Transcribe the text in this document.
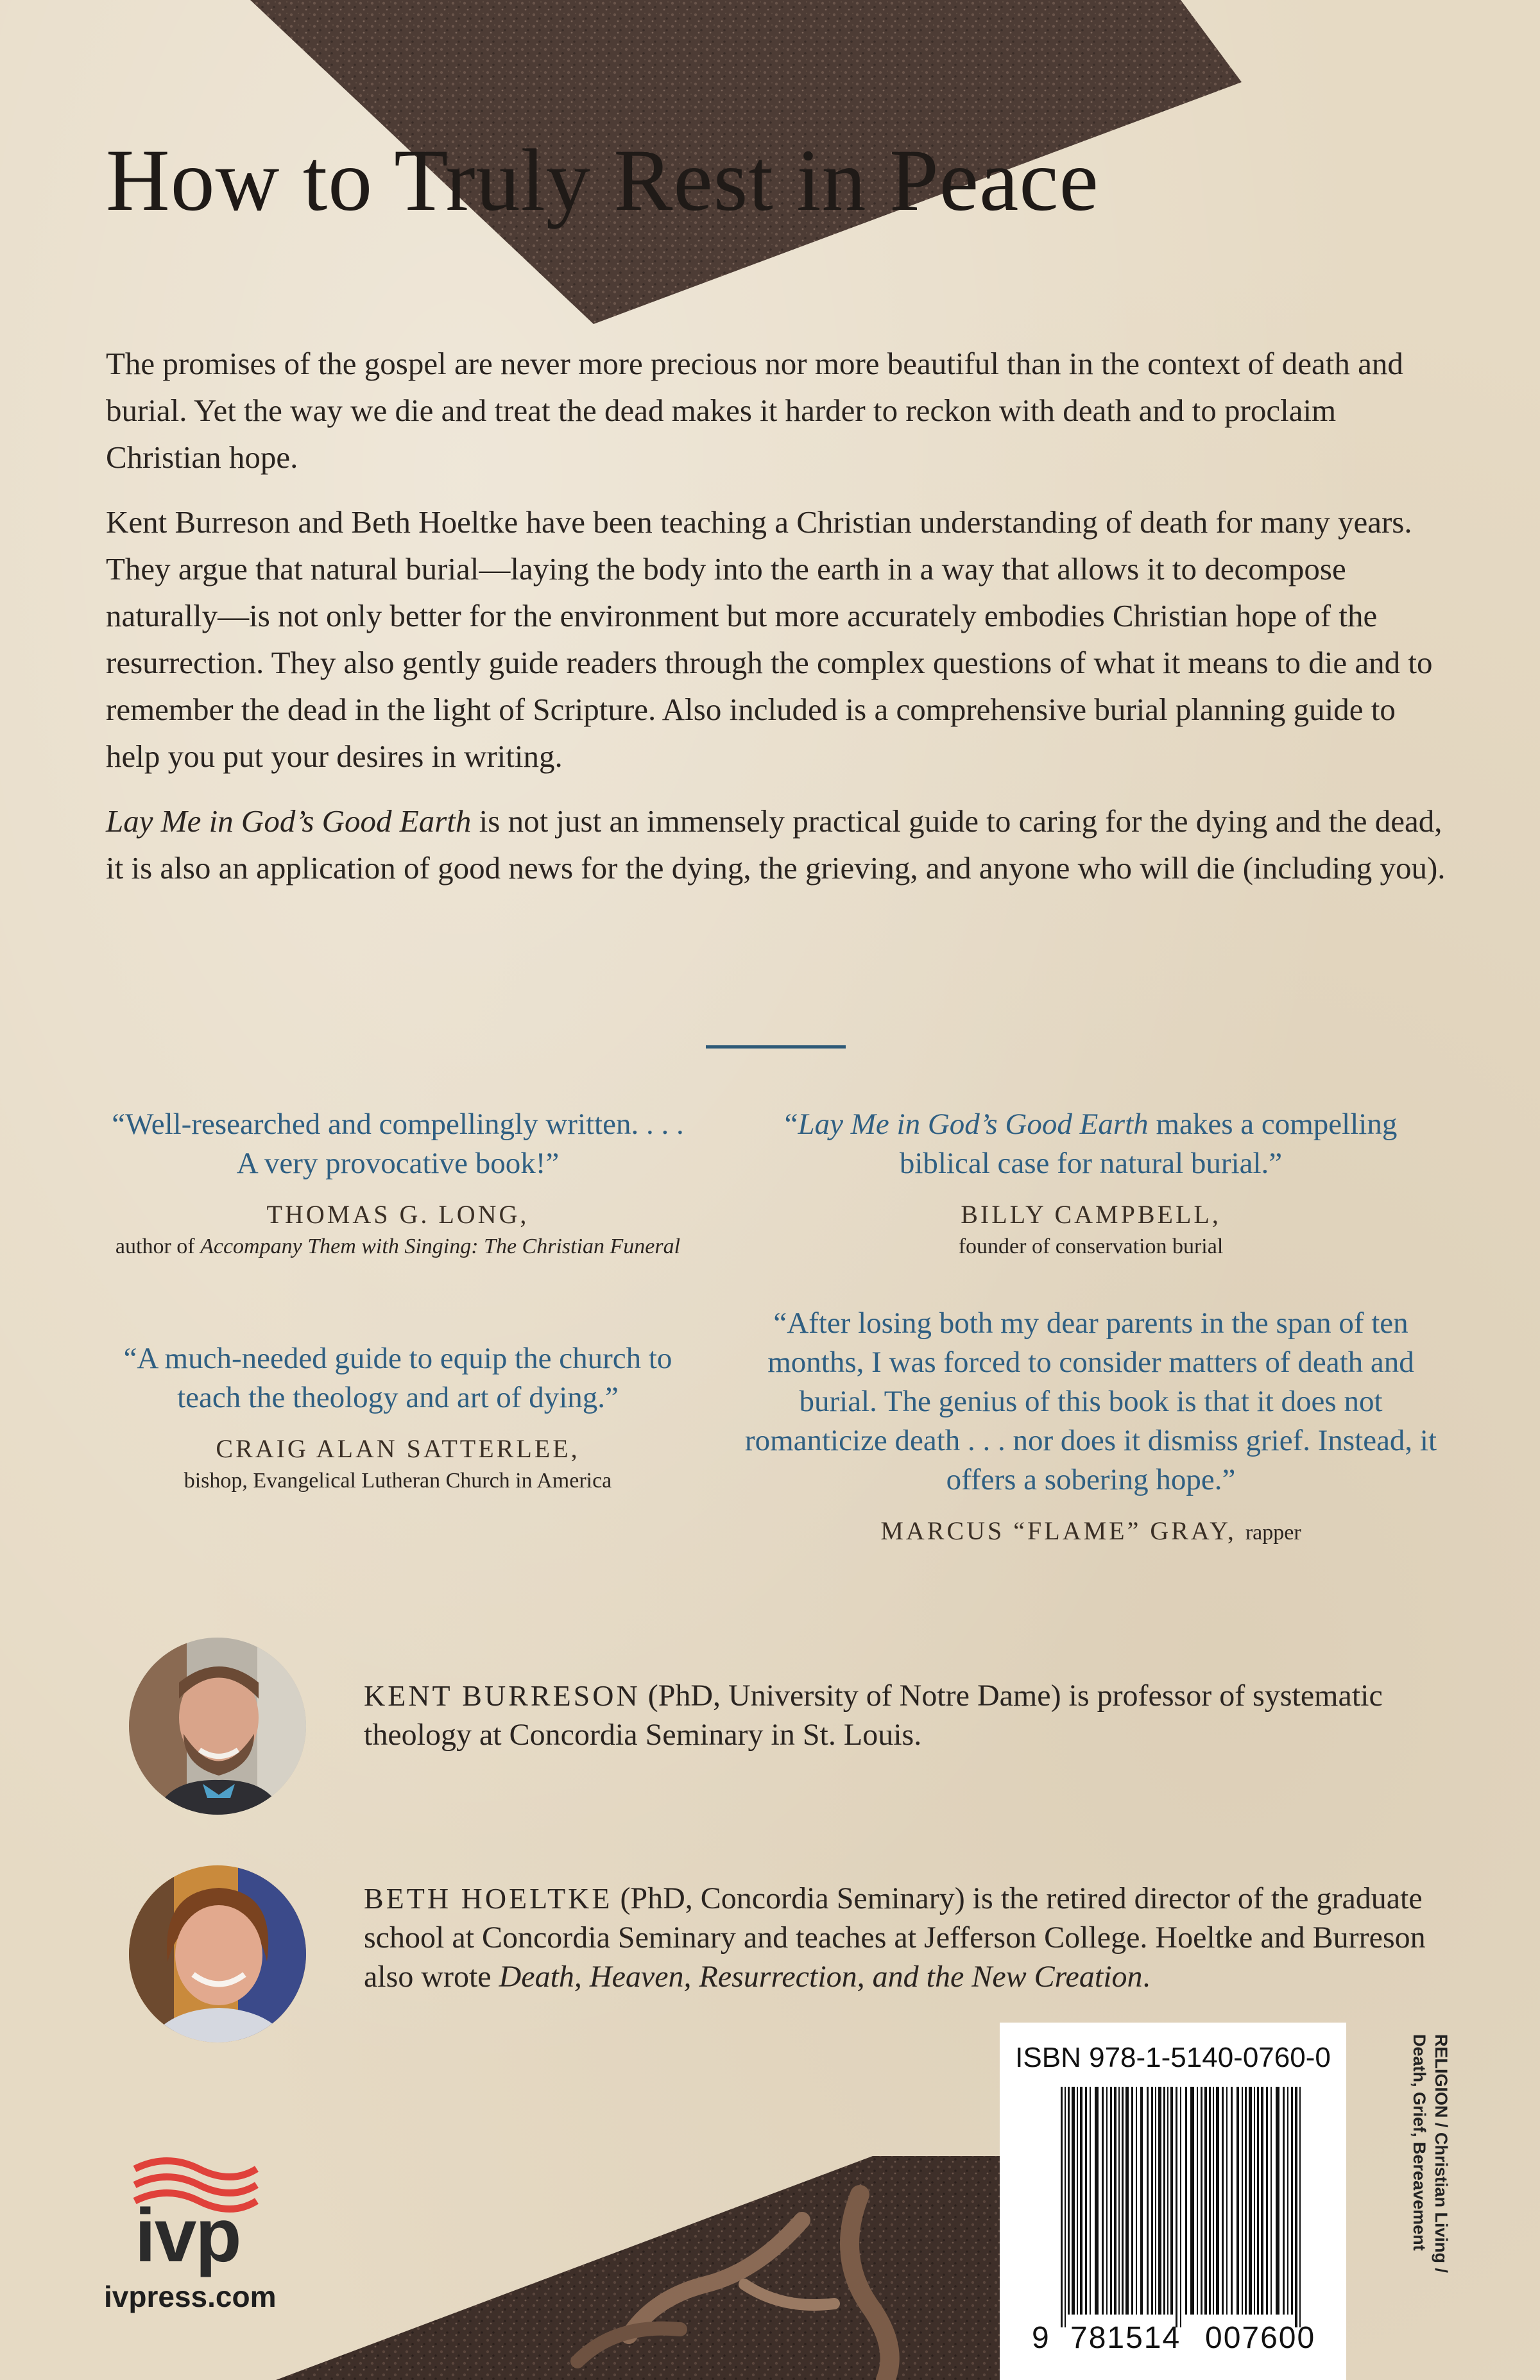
How to Truly Rest in Peace

The promises of the gospel are never more precious nor more beautiful than in the context of death and burial. Yet the way we die and treat the dead makes it harder to reckon with death and to proclaim Christian hope.

Kent Burreson and Beth Hoeltke have been teaching a Christian understanding of death for many years. They argue that natural burial—laying the body into the earth in a way that allows it to decompose naturally—is not only better for the environment but more accurately embodies Christian hope of the resurrection. They also gently guide readers through the complex questions of what it means to die and to remember the dead in the light of Scripture. Also included is a comprehensive burial planning guide to help you put your desires in writing.

Lay Me in God’s Good Earth is not just an immensely practical guide to caring for the dying and the dead, it is also an application of good news for the dying, the grieving, and anyone who will die (including you).

“Well-researched and compellingly written. . . . A very provocative book!”

THOMAS G. LONG,

author of Accompany Them with Singing: The Christian Funeral

“Lay Me in God’s Good Earth makes a compelling biblical case for natural burial.”

BILLY CAMPBELL,

founder of conservation burial

“A much-needed guide to equip the church to teach the theology and art of dying.”

CRAIG ALAN SATTERLEE,

bishop, Evangelical Lutheran Church in America

“After losing both my dear parents in the span of ten months, I was forced to consider matters of death and burial. The genius of this book is that it does not romanticize death . . . nor does it dismiss grief. Instead, it offers a sobering hope.”

MARCUS “FLAME” GRAY, rapper

KENT BURRESON (PhD, University of Notre Dame) is professor of systematic theology at Concordia Seminary in St. Louis.

BETH HOELTKE (PhD, Concordia Seminary) is the retired director of the graduate school at Concordia Seminary and teaches at Jefferson College. Hoeltke and Burreson also wrote Death, Heaven, Resurrection, and the New Creation.

ivp
ivpress.com
ISBN 978-1-5140-0760-0
9 781514 007600
RELIGION / Christian Living /
Death, Grief, Bereavement
